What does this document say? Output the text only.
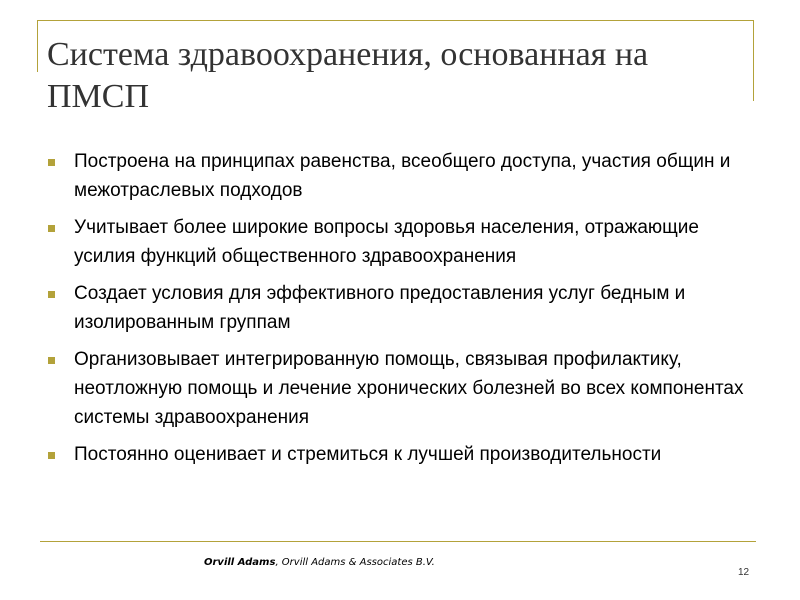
Система здравоохранения, основанная на ПМСП
Построена на принципах равенства, всеобщего доступа, участия общин и межотраслевых подходов
Учитывает более широкие вопросы здоровья населения, отражающие усилия функций общественного здравоохранения
Создает условия для эффективного предоставления услуг бедным и изолированным группам
Организовывает интегрированную помощь, связывая профилактику, неотложную помощь и лечение хронических болезней во всех компонентах системы здравоохранения
Постоянно оценивает и стремиться к лучшей производительности
Orvill Adams, Orvill Adams & Associates B.V.
12
